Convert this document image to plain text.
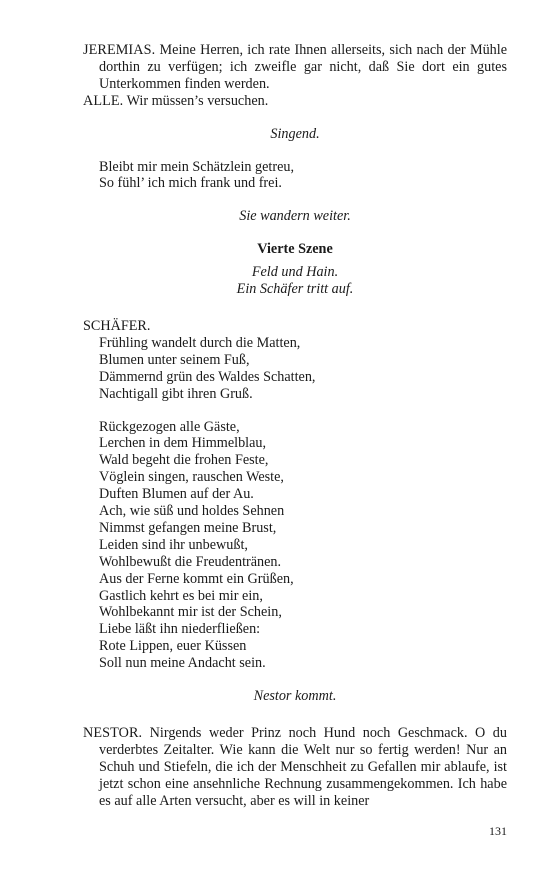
JEREMIAS. Meine Herren, ich rate Ihnen allerseits, sich nach der Mühle dorthin zu verfügen; ich zweifle gar nicht, daß Sie dort ein gutes Unterkommen finden werden.

ALLE. Wir müssen’s versuchen.

Singend.

Bleibt mir mein Schätzlein getreu,
So fühl’ ich mich frank und frei.

Sie wandern weiter.

Vierte Szene

Feld und Hain.

Ein Schäfer tritt auf.

SCHÄFER.

Frühling wandelt durch die Matten,
Blumen unter seinem Fuß,
Dämmernd grün des Waldes Schatten,
Nachtigall gibt ihren Gruß.
Rückgezogen alle Gäste,
Lerchen in dem Himmelblau,
Wald begeht die frohen Feste,
Vöglein singen, rauschen Weste,
Duften Blumen auf der Au.
Ach, wie süß und holdes Sehnen
Nimmst gefangen meine Brust,
Leiden sind ihr unbewußt,
Wohlbewußt die Freudentränen.
Aus der Ferne kommt ein Grüßen,
Gastlich kehrt es bei mir ein,
Wohlbekannt mir ist der Schein,
Liebe läßt ihn niederfließen:
Rote Lippen, euer Küssen
Soll nun meine Andacht sein.

Nestor kommt.

NESTOR. Nirgends weder Prinz noch Hund noch Geschmack. O du verderbtes Zeitalter. Wie kann die Welt nur so fertig werden! Nur an Schuh und Stiefeln, die ich der Menschheit zu Gefallen mir ablaufe, ist jetzt schon eine ansehnliche Rechnung zusammengekommen. Ich habe es auf alle Arten versucht, aber es will in keiner

131
